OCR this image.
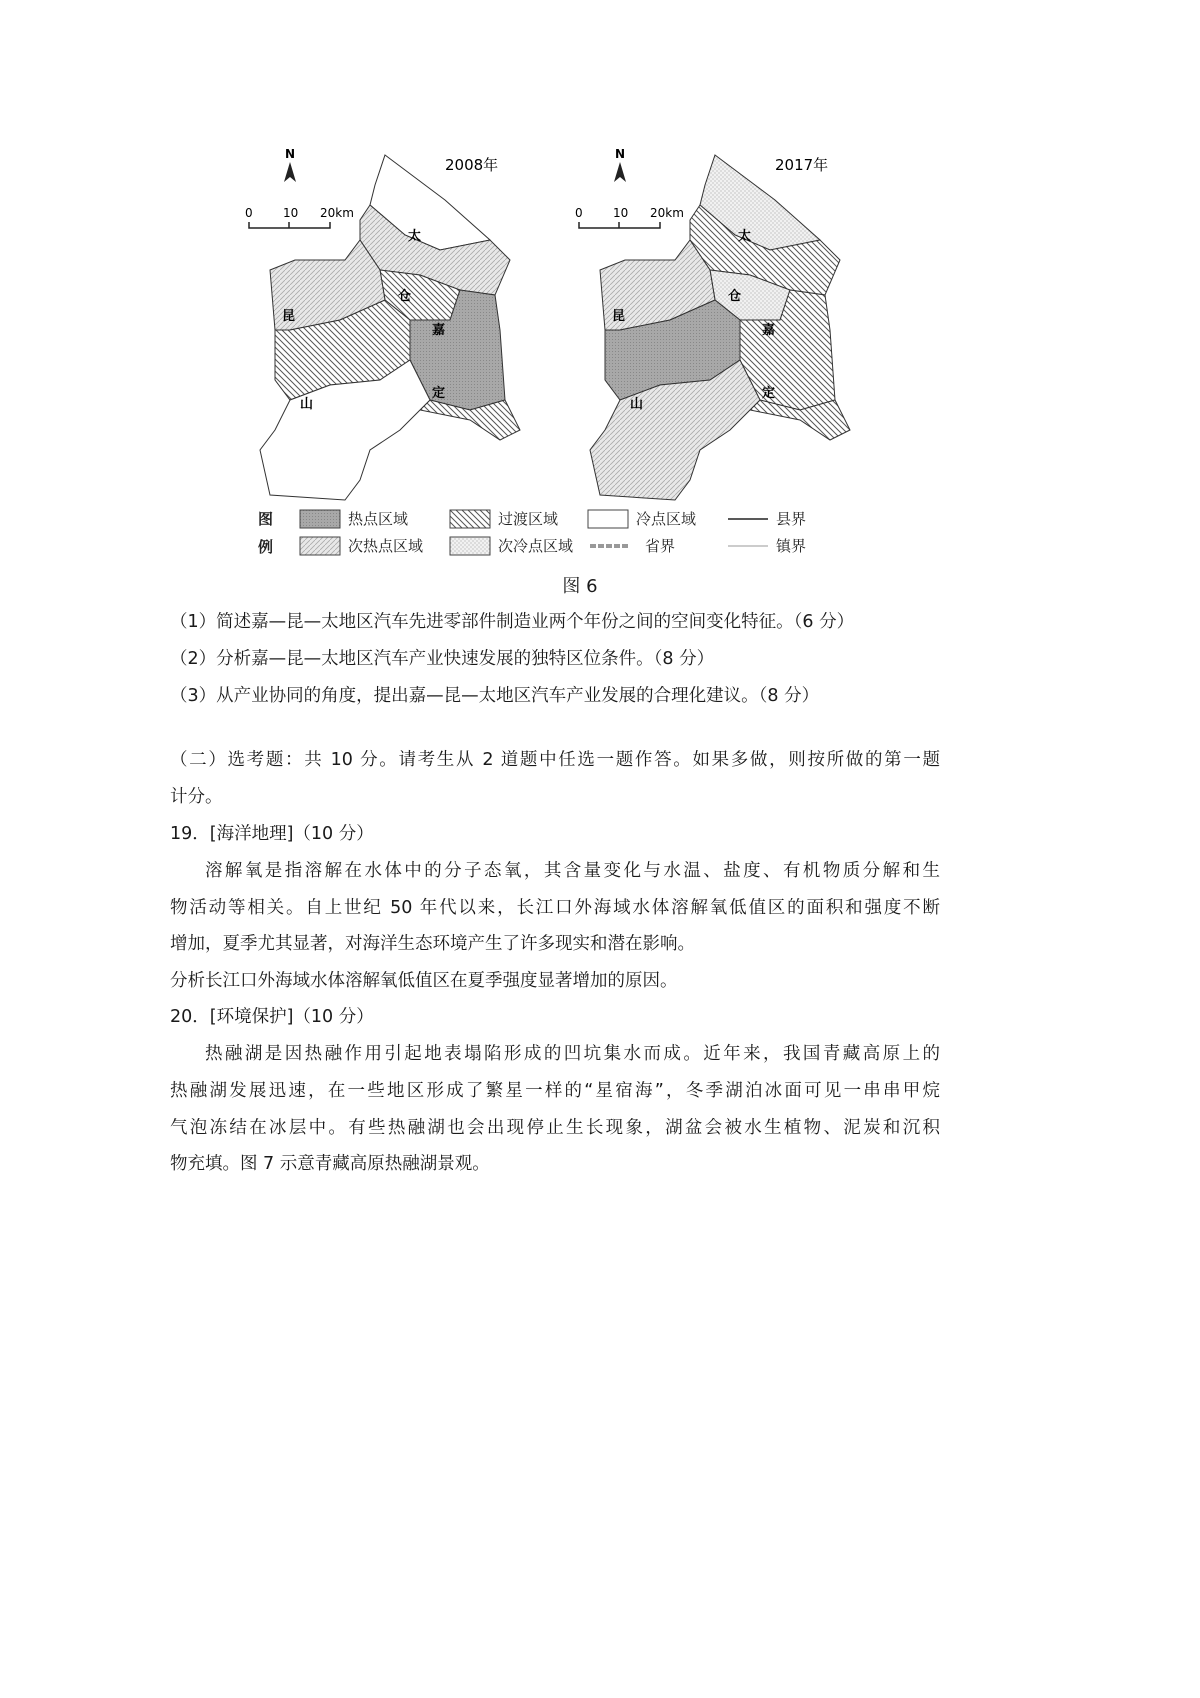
太
仓
嘉
定
昆
山
2008年
N
0	10 20km
太
仓
嘉
定
昆
山
2017年
N
0	10 20km
图
例
热点区域
次热点区域
过渡区域
次冷点区域
冷点区域
省界
县界
镇界
图 6
（1）简述嘉—昆—太地区汽车先进零部件制造业两个年份之间的空间变化特征。（6 分）
（2）分析嘉—昆—太地区汽车产业快速发展的独特区位条件。（8 分）
（3）从产业协同的角度，提出嘉—昆—太地区汽车产业发展的合理化建议。（8 分）
（二）选考题：共 10 分。请考生从 2 道题中任选一题作答。如果多做，则按所做的第一题
计分。
19．[海洋地理]（10 分）
溶解氧是指溶解在水体中的分子态氧，其含量变化与水温、盐度、有机物质分解和生
物活动等相关。自上世纪 50 年代以来，长江口外海域水体溶解氧低值区的面积和强度不断
增加，夏季尤其显著，对海洋生态环境产生了许多现实和潜在影响。
分析长江口外海域水体溶解氧低值区在夏季强度显著增加的原因。
20．[环境保护]（10 分）
热融湖是因热融作用引起地表塌陷形成的凹坑集水而成。近年来，我国青藏高原上的
热融湖发展迅速，在一些地区形成了繁星一样的“星宿海”，冬季湖泊冰面可见一串串甲烷
气泡冻结在冰层中。有些热融湖也会出现停止生长现象，湖盆会被水生植物、泥炭和沉积
物充填。图 7 示意青藏高原热融湖景观。
